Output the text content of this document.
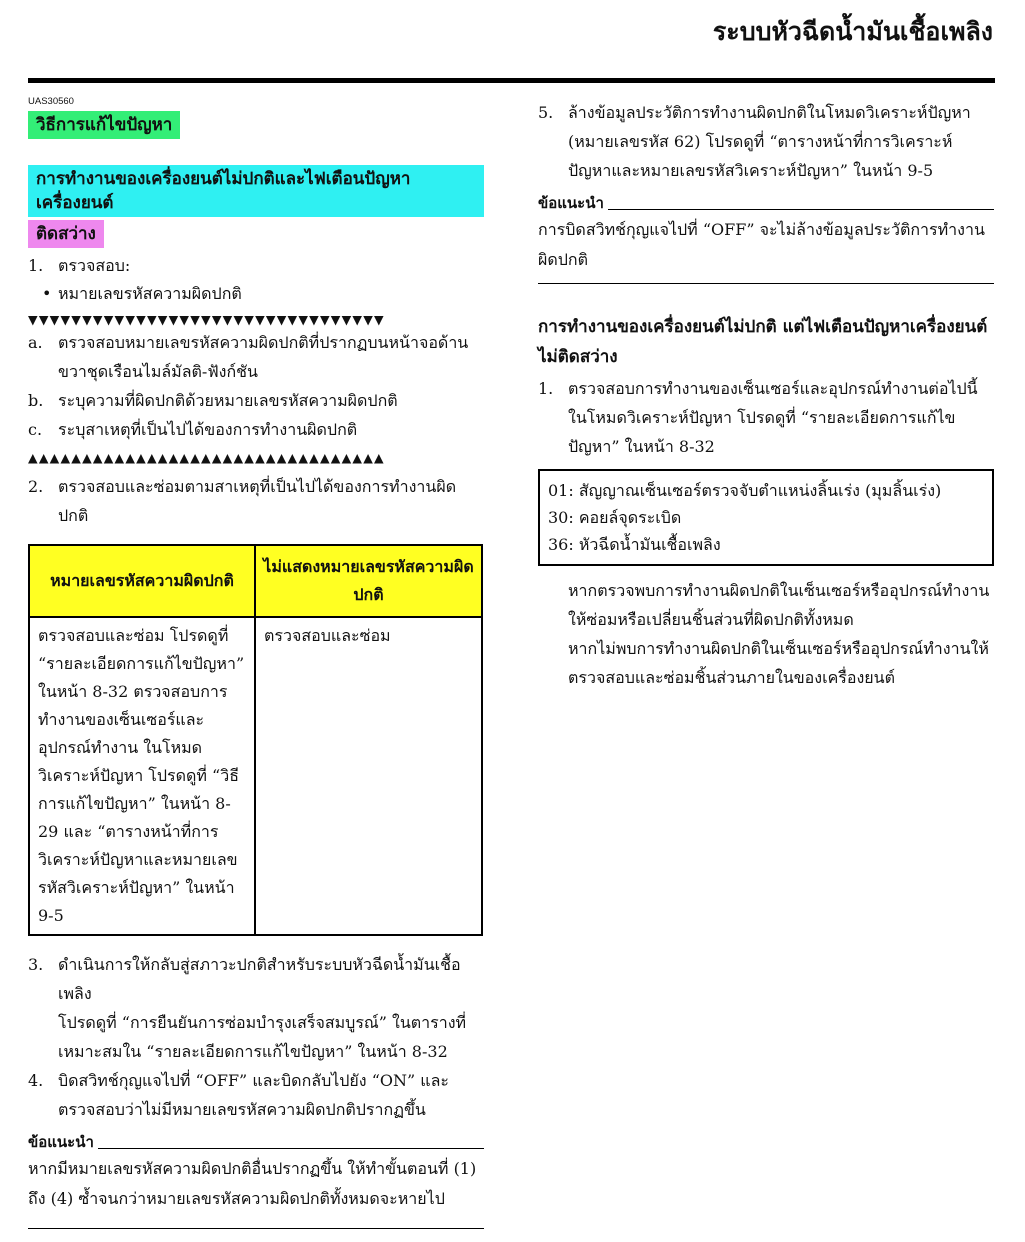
ระบบหัวฉีดน้ำมันเชื้อเพลิง
UAS30560
วิธีการแก้ไขปัญหา
การทำงานของเครื่องยนต์ไม่ปกติและไฟเตือนปัญหาเครื่องยนต์
ติดสว่าง
1. ตรวจสอบ:
• หมายเลขรหัสความผิดปกติ
▼▼▼▼▼▼▼▼▼▼▼▼▼▼▼▼▼▼▼▼▼▼▼▼▼▼▼▼▼▼▼▼▼
a. ตรวจสอบหมายเลขรหัสความผิดปกติที่ปรากฏบนหน้าจอด้านขวาชุดเรือนไมล์มัลติ-ฟังก์ชัน
b. ระบุความที่ผิดปกติด้วยหมายเลขรหัสความผิดปกติ
c. ระบุสาเหตุที่เป็นไปได้ของการทำงานผิดปกติ
▲▲▲▲▲▲▲▲▲▲▲▲▲▲▲▲▲▲▲▲▲▲▲▲▲▲▲▲▲▲▲▲▲
2. ตรวจสอบและซ่อมตามสาเหตุที่เป็นไปได้ของการทำงานผิดปกติ
หมายเลขรหัสความผิดปกติ	ไม่แสดงหมายเลขรหัสความผิดปกติ
ตรวจสอบและซ่อม โปรดดูที่ “รายละเอียดการแก้ไขปัญหา” ในหน้า 8-32 ตรวจสอบการทำงานของเซ็นเซอร์และอุปกรณ์ทำงาน ในโหมดวิเคราะห์ปัญหา โปรดดูที่ “วิธีการแก้ไขปัญหา” ในหน้า 8-29 และ “ตารางหน้าที่การวิเคราะห์ปัญหาและหมายเลขรหัสวิเคราะห์ปัญหา” ในหน้า 9-5	ตรวจสอบและซ่อม
3. ดำเนินการให้กลับสู่สภาวะปกติสำหรับระบบหัวฉีดน้ำมันเชื้อเพลิง
โปรดดูที่ “การยืนยันการซ่อมบำรุงเสร็จสมบูรณ์” ในตารางที่เหมาะสมใน “รายละเอียดการแก้ไขปัญหา” ในหน้า 8-32
4. บิดสวิทช์กุญแจไปที่ “OFF” และบิดกลับไปยัง “ON” และตรวจสอบว่าไม่มีหมายเลขรหัสความผิดปกติปรากฏขึ้น
ข้อแนะนำ
หากมีหมายเลขรหัสความผิดปกติอื่นปรากฏขึ้น ให้ทำขั้นตอนที่ (1) ถึง (4) ซ้ำจนกว่าหมายเลขรหัสความผิดปกติทั้งหมดจะหายไป
5. ล้างข้อมูลประวัติการทำงานผิดปกติในโหมดวิเคราะห์ปัญหา (หมายเลขรหัส 62) โปรดดูที่ “ตารางหน้าที่การวิเคราะห์ปัญหาและหมายเลขรหัสวิเคราะห์ปัญหา” ในหน้า 9-5
ข้อแนะนำ
การบิดสวิทช์กุญแจไปที่ “OFF” จะไม่ล้างข้อมูลประวัติการทำงานผิดปกติ
การทำงานของเครื่องยนต์ไม่ปกติ แต่ไฟเตือนปัญหาเครื่องยนต์ไม่ติดสว่าง
1. ตรวจสอบการทำงานของเซ็นเซอร์และอุปกรณ์ทำงานต่อไปนี้ในโหมดวิเคราะห์ปัญหา โปรดดูที่ “รายละเอียดการแก้ไขปัญหา” ในหน้า 8-32
01: สัญญาณเซ็นเซอร์ตรวจจับตำแหน่งลิ้นเร่ง (มุมลิ้นเร่ง)
30: คอยล์จุดระเบิด
36: หัวฉีดน้ำมันเชื้อเพลิง
หากตรวจพบการทำงานผิดปกติในเซ็นเซอร์หรืออุปกรณ์ทำงาน ให้ซ่อมหรือเปลี่ยนชิ้นส่วนที่ผิดปกติทั้งหมด
หากไม่พบการทำงานผิดปกติในเซ็นเซอร์หรืออุปกรณ์ทำงานให้ตรวจสอบและซ่อมชิ้นส่วนภายในของเครื่องยนต์
